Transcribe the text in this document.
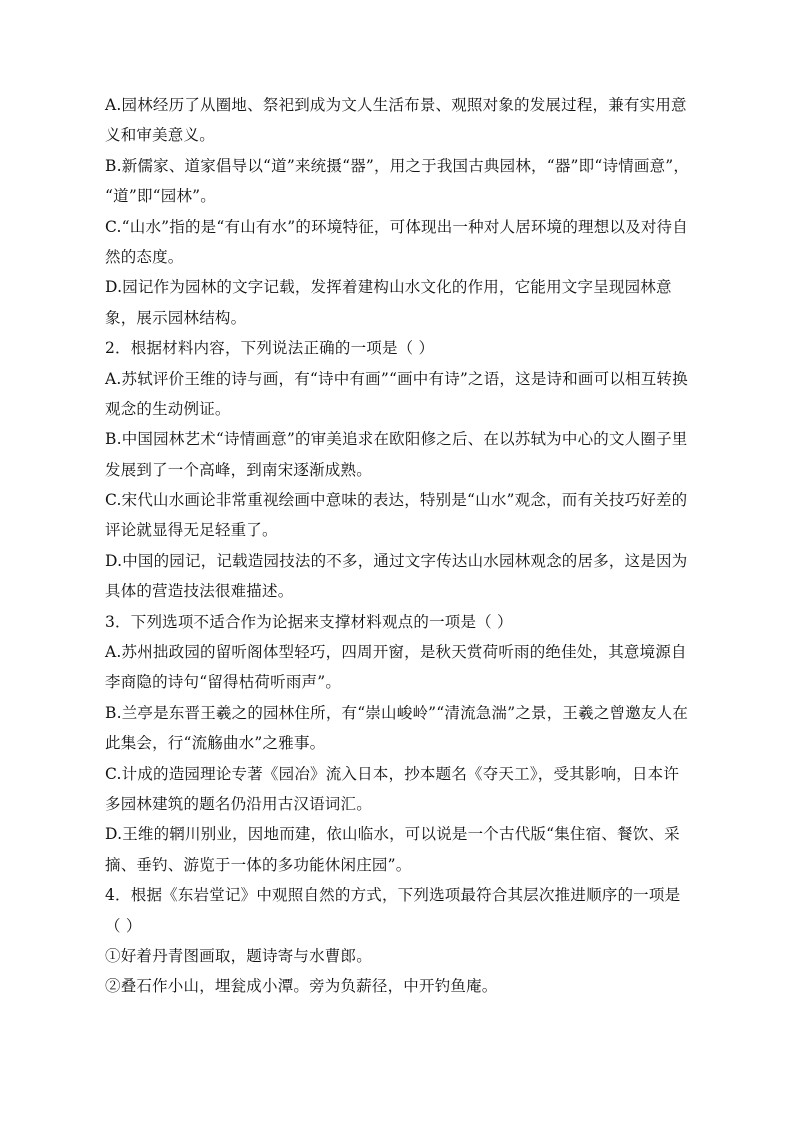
A.园林经历了从圈地、祭祀到成为文人生活布景、观照对象的发展过程，兼有实用意
义和审美意义。
B.新儒家、道家倡导以“道”来统摄“器”，用之于我国古典园林，“器”即“诗情画意”，
“道”即“园林”。
C.“山水”指的是“有山有水”的环境特征，可体现出一种对人居环境的理想以及对待自
然的态度。
D.园记作为园林的文字记载，发挥着建构山水文化的作用，它能用文字呈现园林意
象，展示园林结构。
2．根据材料内容，下列说法正确的一项是（ ）
A.苏轼评价王维的诗与画，有“诗中有画”“画中有诗”之语，这是诗和画可以相互转换
观念的生动例证。
B.中国园林艺术“诗情画意”的审美追求在欧阳修之后、在以苏轼为中心的文人圈子里
发展到了一个高峰，到南宋逐渐成熟。
C.宋代山水画论非常重视绘画中意味的表达，特别是“山水”观念，而有关技巧好差的
评论就显得无足轻重了。
D.中国的园记，记载造园技法的不多，通过文字传达山水园林观念的居多，这是因为
具体的营造技法很难描述。
3．下列选项不适合作为论据来支撑材料观点的一项是（ ）
A.苏州拙政园的留听阁体型轻巧，四周开窗，是秋天赏荷听雨的绝佳处，其意境源自
李商隐的诗句“留得枯荷听雨声”。
B.兰亭是东晋王羲之的园林住所，有“崇山峻岭”“清流急湍”之景，王羲之曾邀友人在
此集会，行“流觞曲水”之雅事。
C.计成的造园理论专著《园冶》流入日本，抄本题名《夺天工》，受其影响，日本许
多园林建筑的题名仍沿用古汉语词汇。
D.王维的辋川别业，因地而建，依山临水，可以说是一个古代版“集住宿、餐饮、采
摘、垂钓、游览于一体的多功能休闲庄园”。
4．根据《东岩堂记》中观照自然的方式，下列选项最符合其层次推进顺序的一项是
（ ）
①好着丹青图画取，题诗寄与水曹郎。
②叠石作小山，埋瓮成小潭。旁为负薪径，中开钓鱼庵。
